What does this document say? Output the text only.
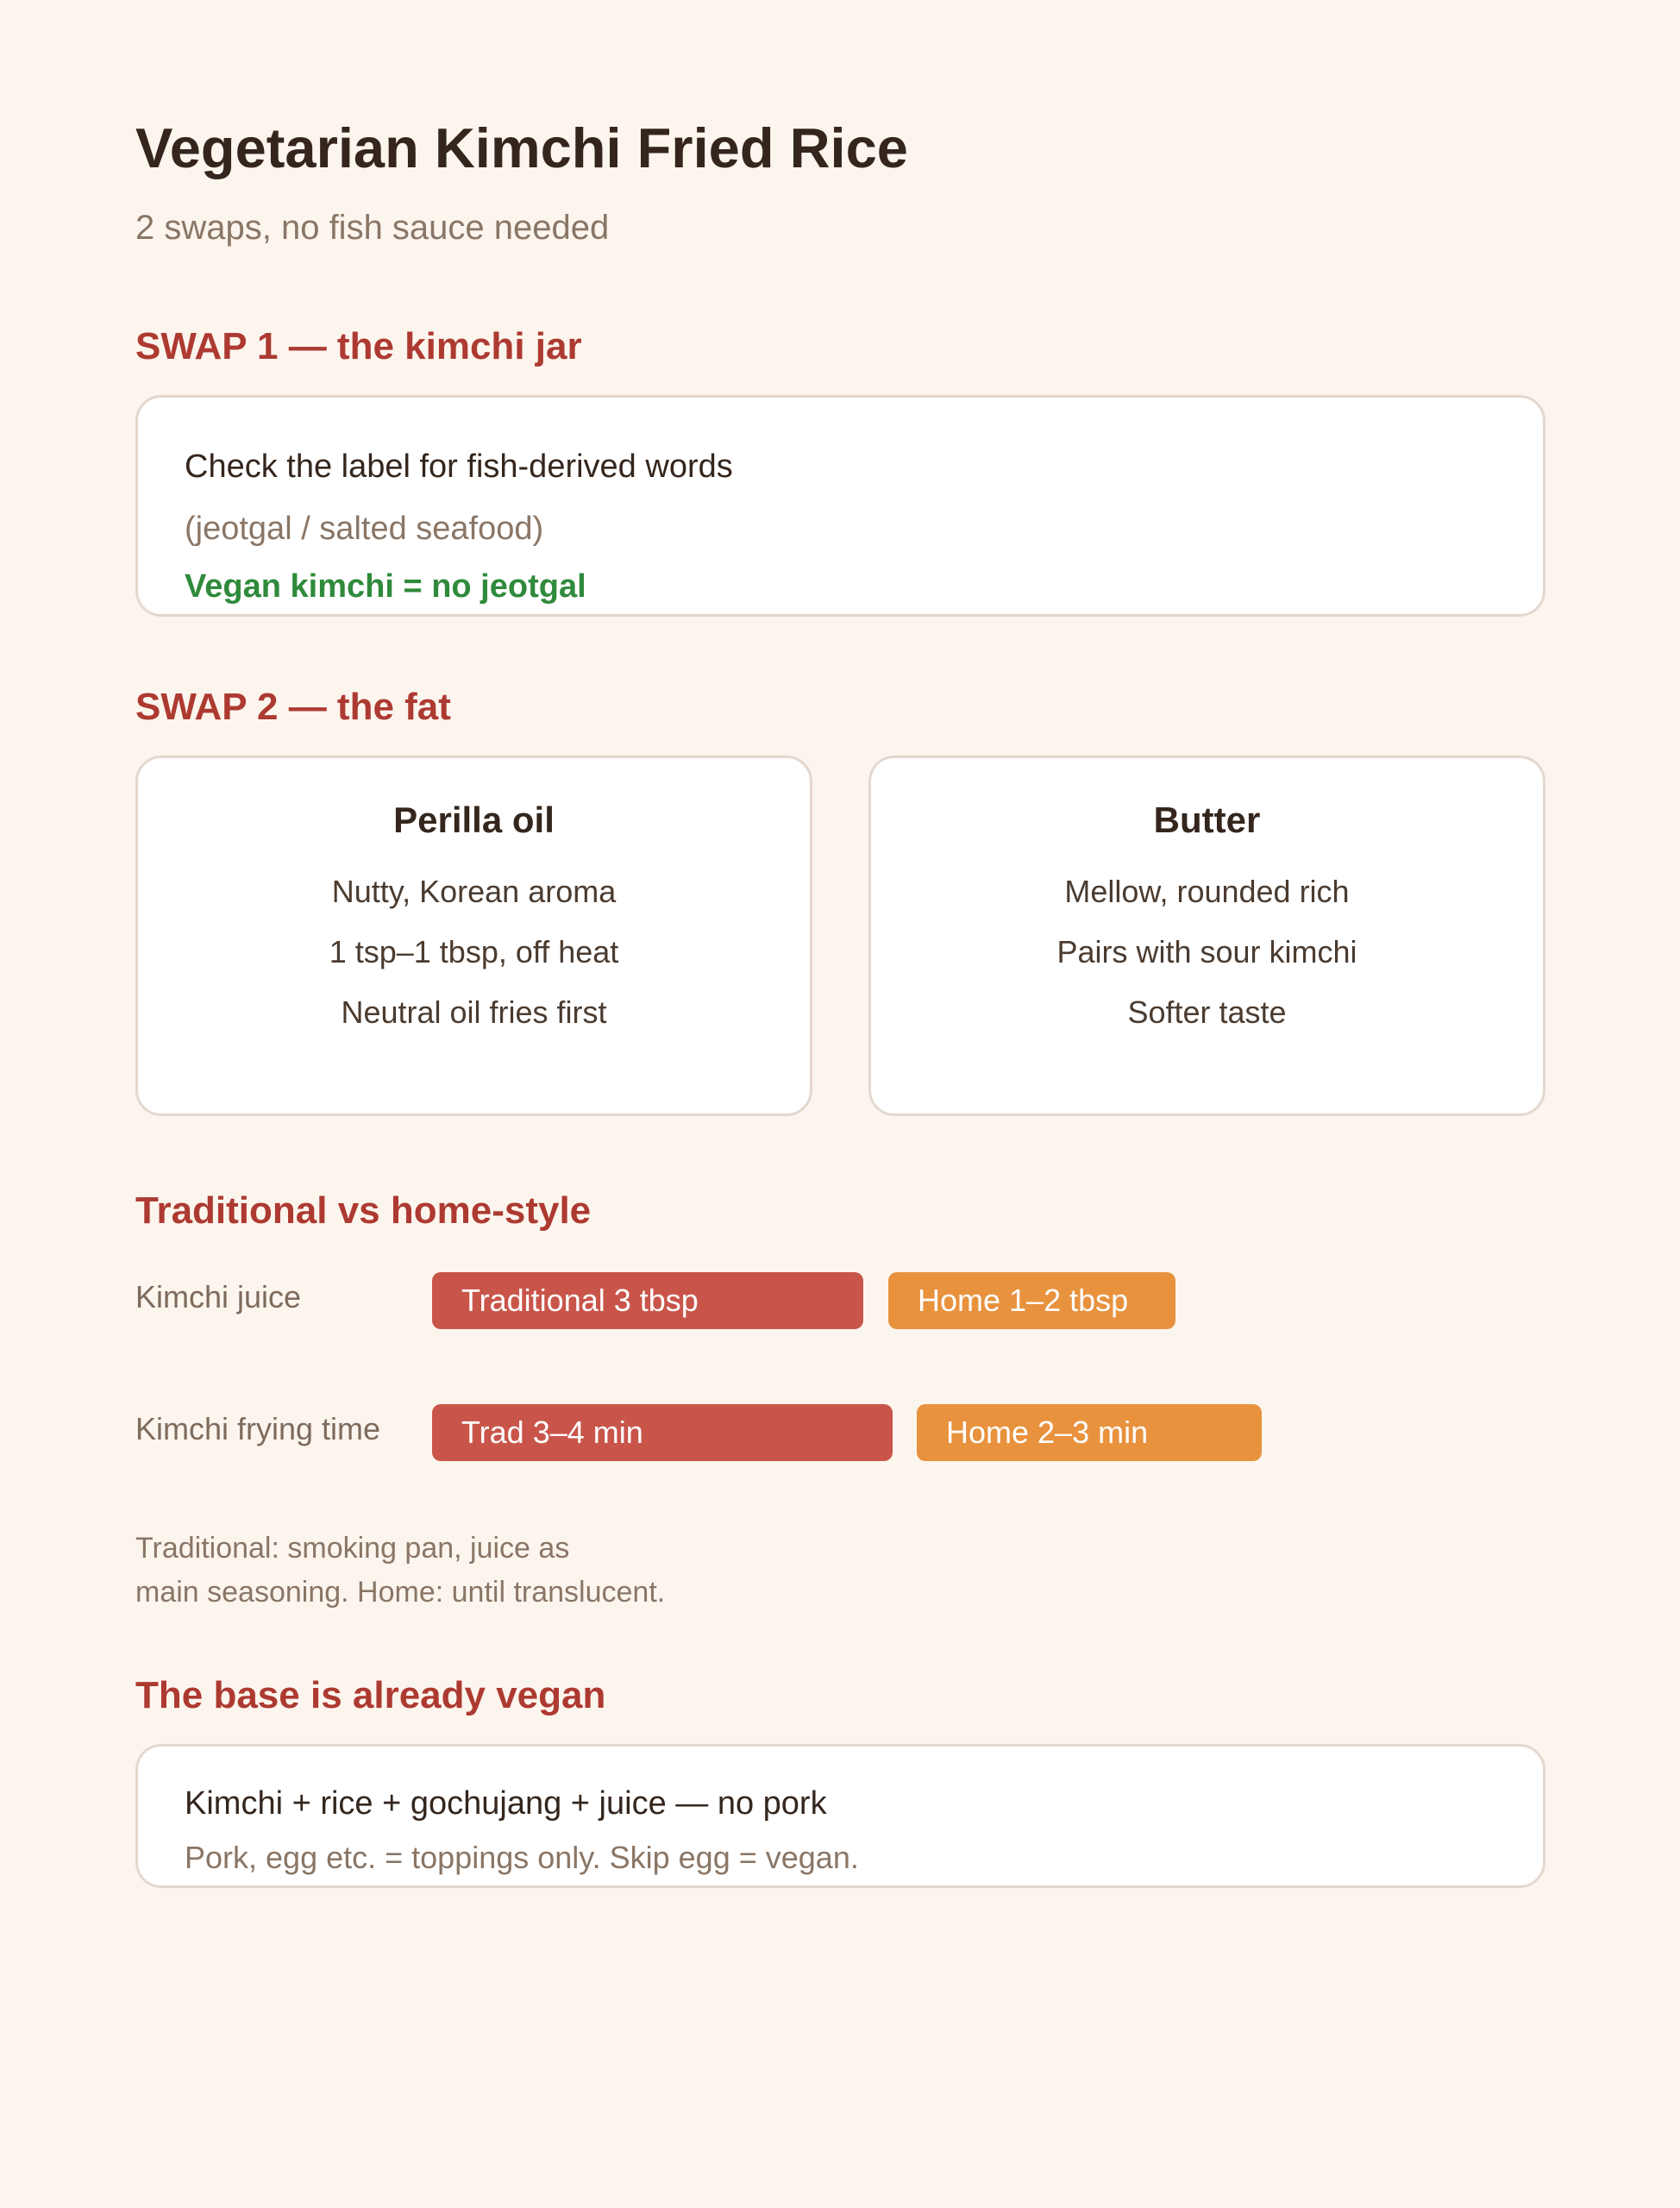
Vegetarian Kimchi Fried Rice
2 swaps, no fish sauce needed
SWAP 1 — the kimchi jar
Check the label for fish-derived words
(jeotgal / salted seafood)
Vegan kimchi = no jeotgal
SWAP 2 — the fat
Perilla oil
Nutty, Korean aroma
1 tsp–1 tbsp, off heat
Neutral oil fries first
Butter
Mellow, rounded rich
Pairs with sour kimchi
Softer taste
Traditional vs home-style
Kimchi juice	Traditional 3 tbsp	Home 1–2 tbsp
Kimchi frying time	Trad 3–4 min	Home 2–3 min
Traditional: smoking pan, juice as
main seasoning. Home: until translucent.
The base is already vegan
Kimchi + rice + gochujang + juice — no pork
Pork, egg etc. = toppings only. Skip egg = vegan.
